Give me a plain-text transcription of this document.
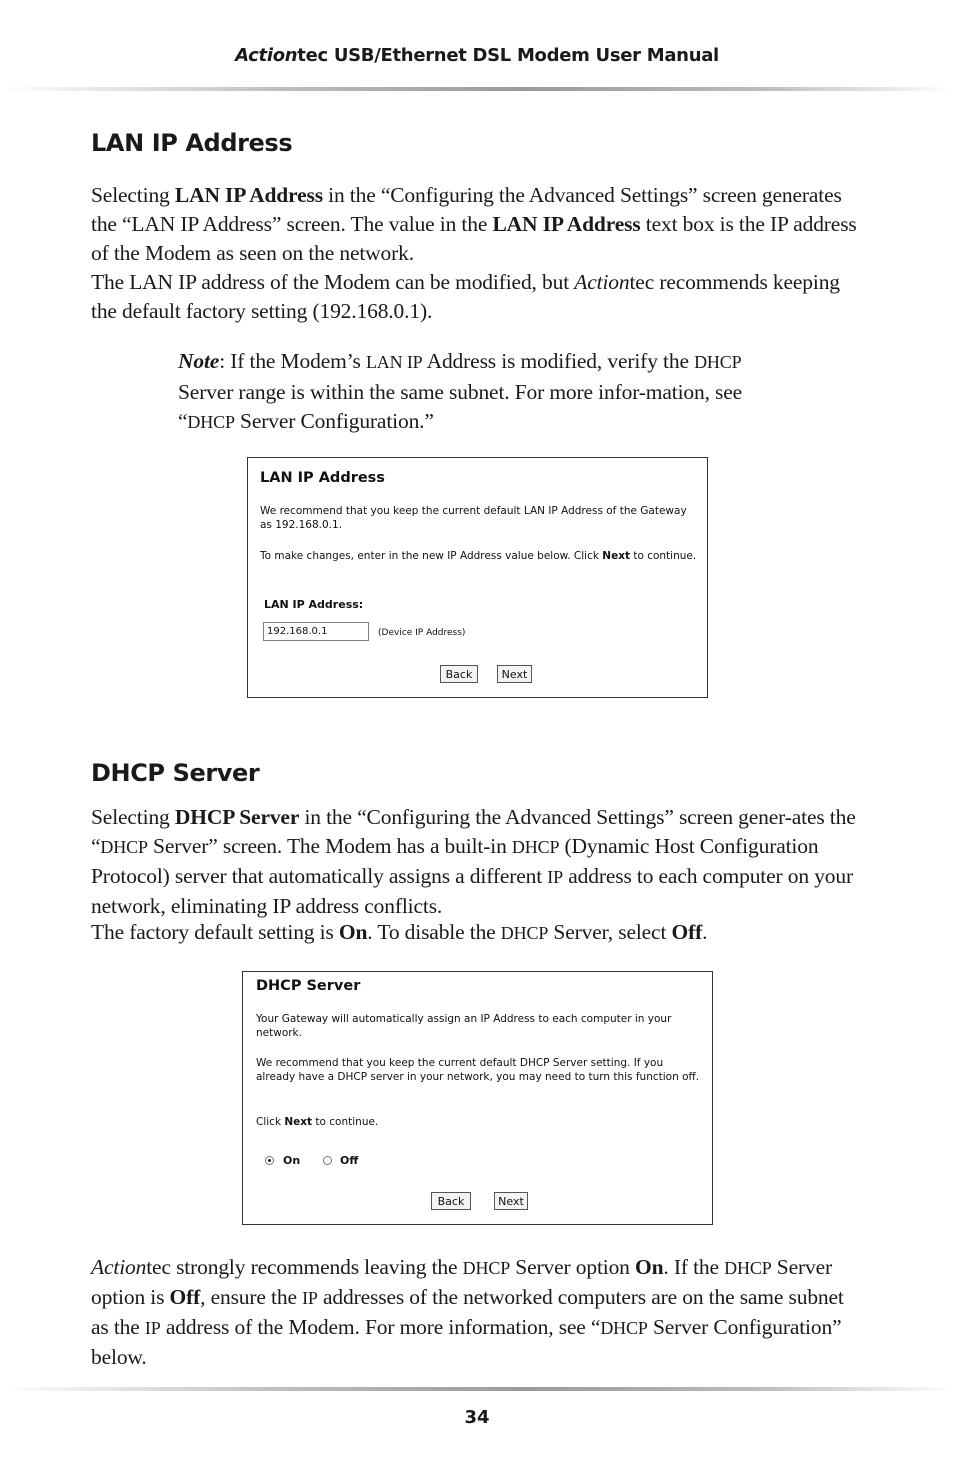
Actiontec USB/Ethernet DSL Modem User Manual
LAN IP Address

Selecting LAN IP Address in the “Configuring the Advanced Settings” screen generates the “LAN IP Address” screen. The value in the LAN IP Address text box is the IP address of the Modem as seen on the network.

The LAN IP address of the Modem can be modified, but Actiontec recommends keeping the default factory setting (192.168.0.1).

Note: If the Modem’s LAN IP Address is modified, verify the DHCP Server range is within the same subnet. For more infor-mation, see “DHCP Server Configuration.”

LAN IP Address
We recommend that you keep the current default LAN IP Address of the Gateway as 192.168.0.1.
To make changes, enter in the new IP Address value below. Click Next to continue.
LAN IP Address:
192.168.0.1
(Device IP Address)
Back	Next
DHCP Server

Selecting DHCP Server in the “Configuring the Advanced Settings” screen gener-ates the “DHCP Server” screen. The Modem has a built-in DHCP (Dynamic Host Configuration Protocol) server that automatically assigns a different IP address to each computer on your network, eliminating IP address conflicts.

The factory default setting is On. To disable the DHCP Server, select Off.

DHCP Server
Your Gateway will automatically assign an IP Address to each computer in your network.
We recommend that you keep the current default DHCP Server setting. If you already have a DHCP server in your network, you may need to turn this function off.
Click Next to continue.
On	Off
Back	Next

Actiontec strongly recommends leaving the DHCP Server option On. If the DHCP Server option is Off, ensure the IP addresses of the networked computers are on the same subnet as the IP address of the Modem. For more information, see “DHCP Server Configuration” below.

34
